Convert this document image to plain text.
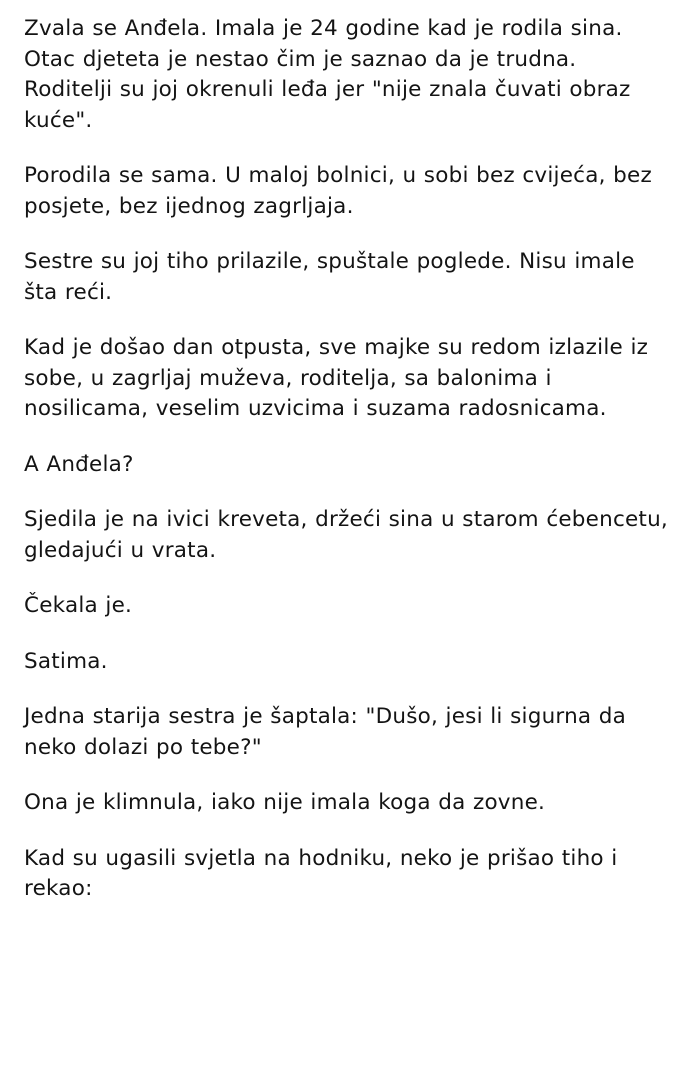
Zvala se Anđela. Imala je 24 godine kad je rodila sina. Otac djeteta je nestao čim je saznao da je trudna. Roditelji su joj okrenuli leđa jer "nije znala čuvati obraz kuće".

Porodila se sama. U maloj bolnici, u sobi bez cvijeća, bez posjete, bez ijednog zagrljaja.

Sestre su joj tiho prilazile, spuštale poglede. Nisu imale šta reći.

Kad je došao dan otpusta, sve majke su redom izlazile iz sobe, u zagrljaj muževa, roditelja, sa balonima i nosilicama, veselim uzvicima i suzama radosnicama.

A Anđela?

Sjedila je na ivici kreveta, držeći sina u starom ćebencetu, gledajući u vrata.

Čekala je.

Satima.

Jedna starija sestra je šaptala: "Dušo, jesi li sigurna da neko dolazi po tebe?"

Ona je klimnula, iako nije imala koga da zovne.

Kad su ugasili svjetla na hodniku, neko je prišao tiho i rekao:
